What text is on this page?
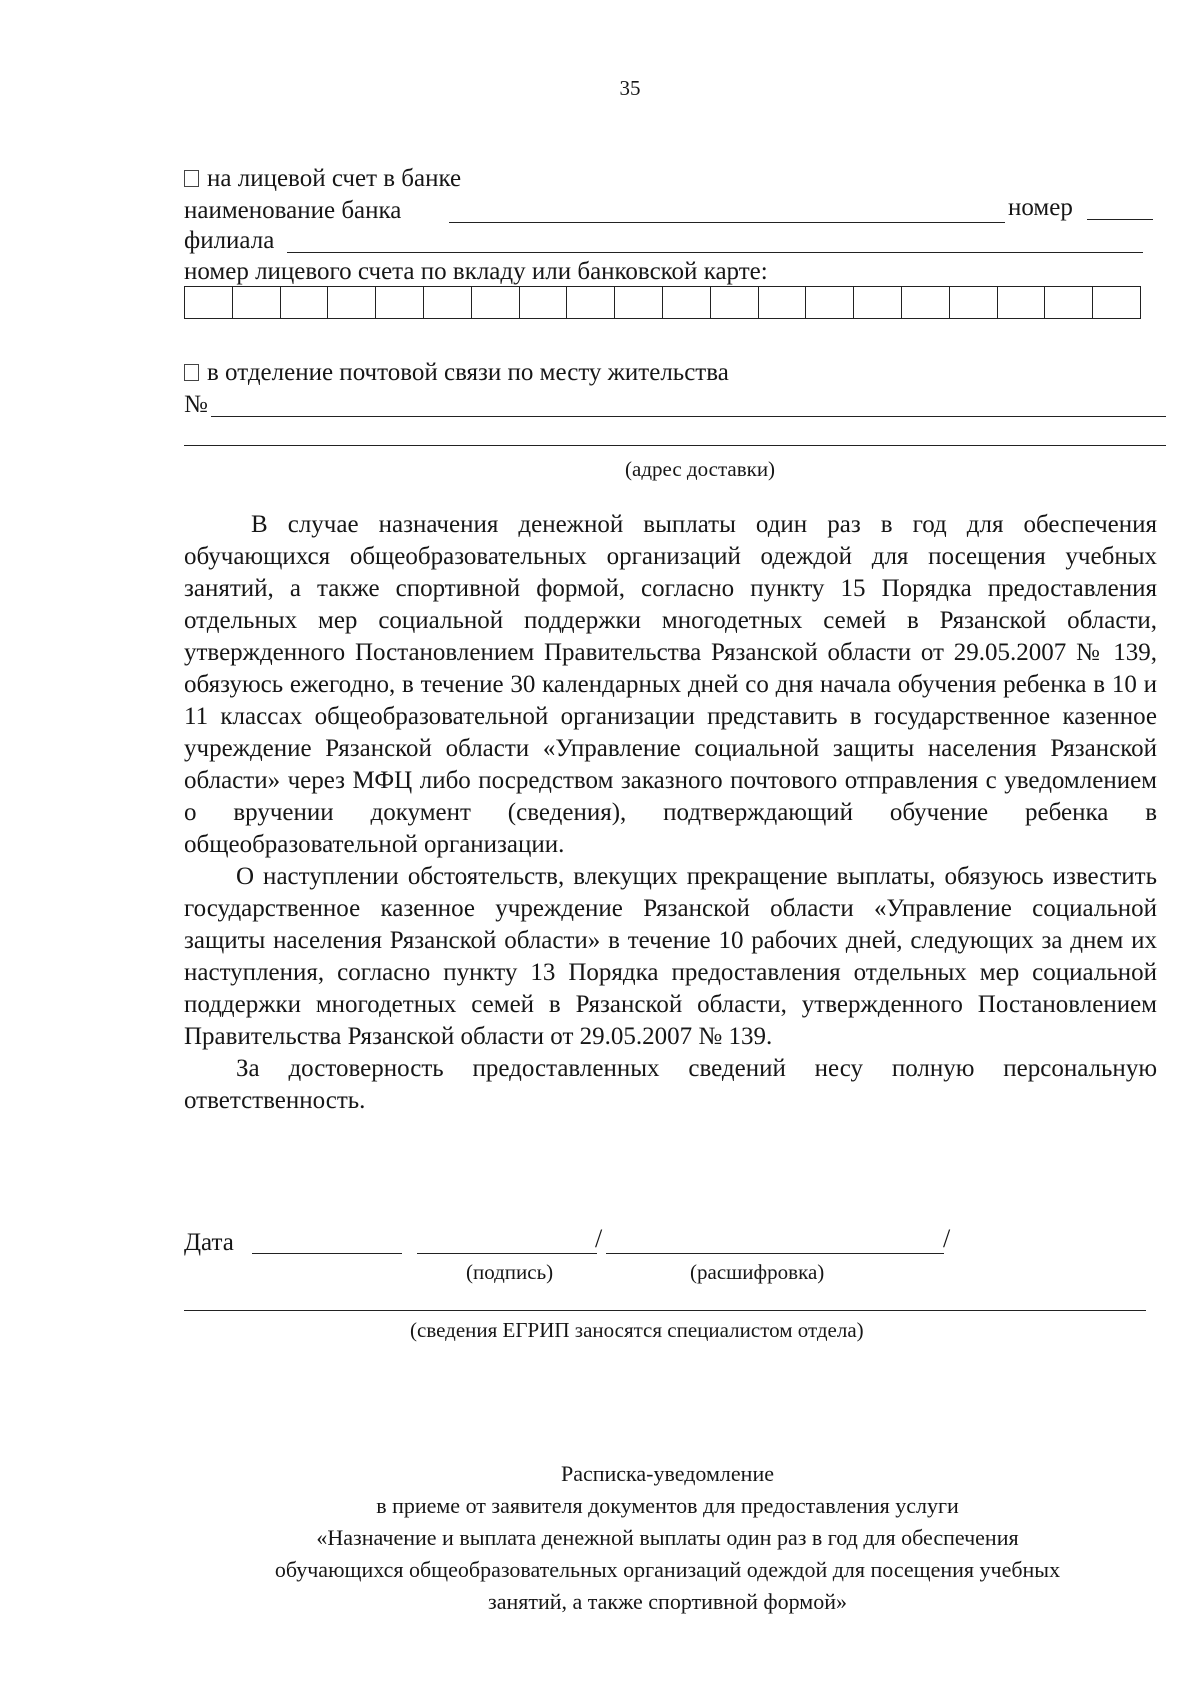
35
на лицевой счет в банке
наименование банка	номер
филиала
номер лицевого счета по вкладу или банковской карте:
в отделение почтовой связи по месту жительства
№
(адрес доставки)

В случае назначения денежной выплаты один раз в год для обеспечения обучающихся общеобразовательных организаций одеждой для посещения учебных занятий, а также спортивной формой, согласно пункту 15 Порядка предоставления отдельных мер социальной поддержки многодетных семей в Рязанской области, утвержденного Постановлением Правительства Рязанской области от 29.05.2007 № 139, обязуюсь ежегодно, в течение 30 календарных дней со дня начала обучения ребенка в 10 и 11 классах общеобразовательной организации представить в государственное казенное учреждение Рязанской области «Управление социальной защиты населения Рязанской области» через МФЦ либо посредством заказного почтового отправления с уведомлением о вручении документ (сведения), подтверждающий обучение ребенка в общеобразовательной организации.

О наступлении обстоятельств, влекущих прекращение выплаты, обязуюсь известить государственное казенное учреждение Рязанской области «Управление социальной защиты населения Рязанской области» в течение 10 рабочих дней, следующих за днем их наступления, согласно пункту 13 Порядка предоставления отдельных мер социальной поддержки многодетных семей в Рязанской области, утвержденного Постановлением Правительства Рязанской области от 29.05.2007 № 139.

За достоверность предоставленных сведений несу полную персональную ответственность.

Дата	/	/
(подпись)	(расшифровка)
(сведения ЕГРИП заносятся специалистом отдела)
Расписка-уведомление
в приеме от заявителя документов для предоставления услуги
«Назначение и выплата денежной выплаты один раз в год для обеспечения
обучающихся общеобразовательных организаций одеждой для посещения учебных
занятий, а также спортивной формой»
